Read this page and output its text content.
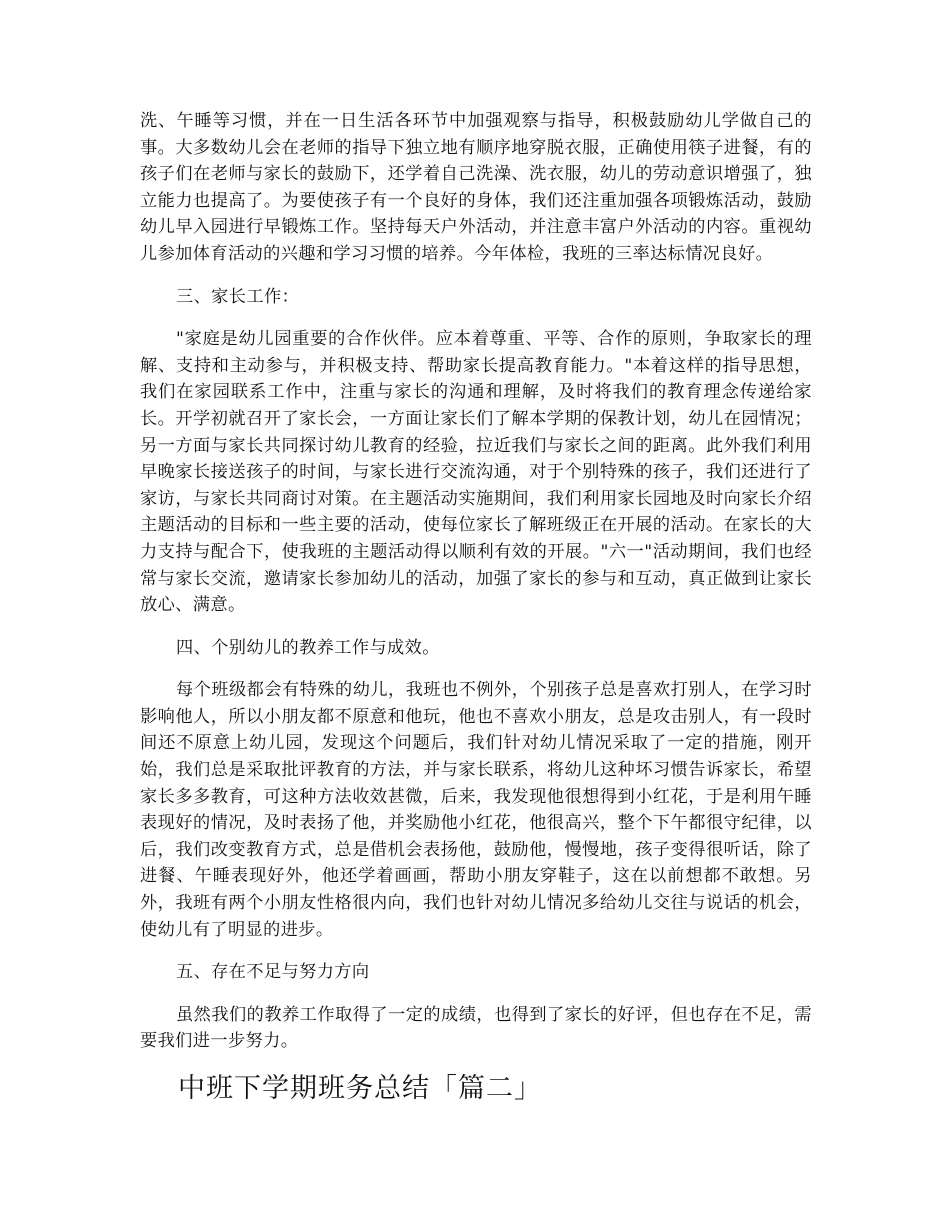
洗、午睡等习惯，并在一日生活各环节中加强观察与指导，积极鼓励幼儿学做自己的事。大多数幼儿会在老师的指导下独立地有顺序地穿脱衣服，正确使用筷子进餐，有的孩子们在老师与家长的鼓励下，还学着自己洗澡、洗衣服，幼儿的劳动意识增强了，独立能力也提高了。为要使孩子有一个良好的身体，我们还注重加强各项锻炼活动，鼓励幼儿早入园进行早锻炼工作。坚持每天户外活动，并注意丰富户外活动的内容。重视幼儿参加体育活动的兴趣和学习习惯的培养。今年体检，我班的三率达标情况良好。

三、家长工作：

"家庭是幼儿园重要的合作伙伴。应本着尊重、平等、合作的原则，争取家长的理解、支持和主动参与，并积极支持、帮助家长提高教育能力。"本着这样的指导思想，我们在家园联系工作中，注重与家长的沟通和理解，及时将我们的教育理念传递给家长。开学初就召开了家长会，一方面让家长们了解本学期的保教计划，幼儿在园情况；另一方面与家长共同探讨幼儿教育的经验，拉近我们与家长之间的距离。此外我们利用早晚家长接送孩子的时间，与家长进行交流沟通，对于个别特殊的孩子，我们还进行了家访，与家长共同商讨对策。在主题活动实施期间，我们利用家长园地及时向家长介绍主题活动的目标和一些主要的活动，使每位家长了解班级正在开展的活动。在家长的大力支持与配合下，使我班的主题活动得以顺利有效的开展。"六一"活动期间，我们也经常与家长交流，邀请家长参加幼儿的活动，加强了家长的参与和互动，真正做到让家长放心、满意。

四、个别幼儿的教养工作与成效。

每个班级都会有特殊的幼儿，我班也不例外，个别孩子总是喜欢打别人，在学习时影响他人，所以小朋友都不原意和他玩，他也不喜欢小朋友，总是攻击别人，有一段时间还不原意上幼儿园，发现这个问题后，我们针对幼儿情况采取了一定的措施，刚开始，我们总是采取批评教育的方法，并与家长联系，将幼儿这种坏习惯告诉家长，希望家长多多教育，可这种方法收效甚微，后来，我发现他很想得到小红花，于是利用午睡表现好的情况，及时表扬了他，并奖励他小红花，他很高兴，整个下午都很守纪律，以后，我们改变教育方式，总是借机会表扬他，鼓励他，慢慢地，孩子变得很听话，除了进餐、午睡表现好外，他还学着画画，帮助小朋友穿鞋子，这在以前想都不敢想。另外，我班有两个小朋友性格很内向，我们也针对幼儿情况多给幼儿交往与说话的机会，使幼儿有了明显的进步。

五、存在不足与努力方向

虽然我们的教养工作取得了一定的成绩，也得到了家长的好评，但也存在不足，需要我们进一步努力。

中班下学期班务总结「篇二」
